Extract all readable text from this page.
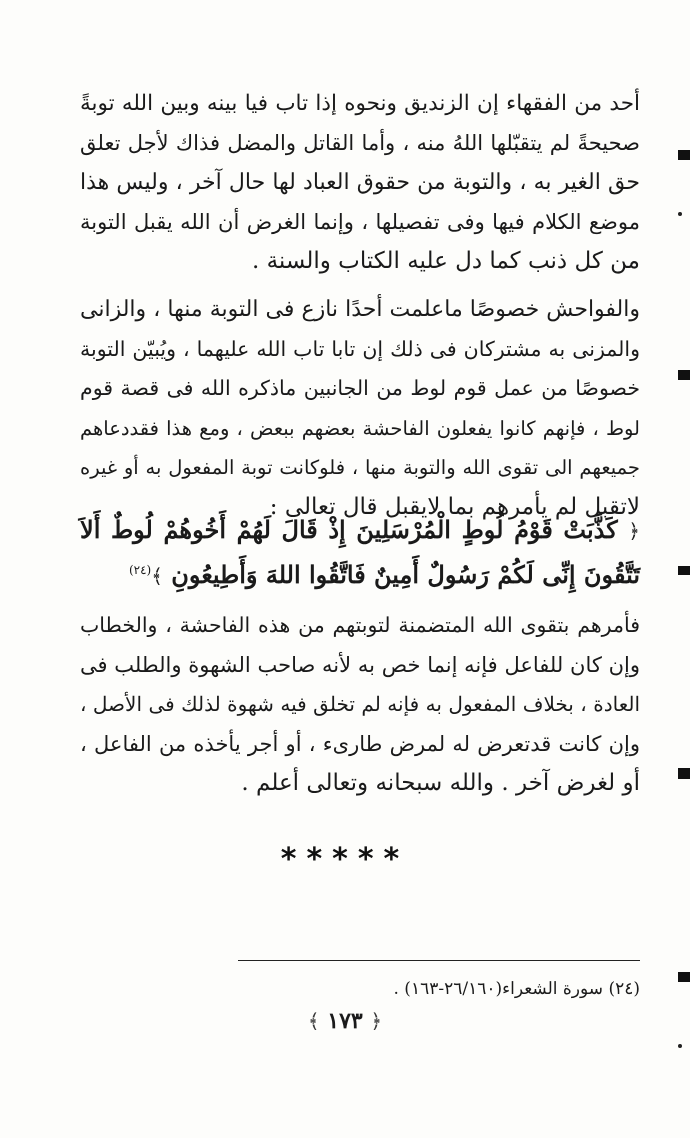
أحد من الفقهاء إن الزنديق ونحوه إذا تاب فيا بينه وبين الله توبةً
صحيحةً لم يتقبّلها اللهُ منه ، وأما القاتل والمضل فذاك لأجل تعلق
حق الغير به ، والتوبة من حقوق العباد لها حال آخر ، وليس هذا
موضع الكلام فيها وفى تفصيلها ، وإنما الغرض أن الله يقبل التوبة
من كل ذنب كما دل عليه الكتاب والسنة .
والفواحش خصوصًا ماعلمت أحدًا نازع فى التوبة منها ، والزانى
والمزنى به مشتركان فى ذلك إن تابا تاب الله عليهما ، ويُبيّن التوبة
خصوصًا من عمل قوم لوط من الجانبين ماذكره الله فى قصة قوم
لوط ، فإنهم كانوا يفعلون الفاحشة بعضهم ببعض ، ومع هذا فقددعاهم
جميعهم الى تقوى الله والتوبة منها ، فلوكانت توبة المفعول به أو غيره
لاتقبل لم يأمرهم بما لايقبل قال تعالى :
﴿ كَذَّبَتْ قَوْمُ لُوطٍ الْمُرْسَلِينَ إِذْ قَالَ لَهُمْ أَخُوهُمْ لُوطٌ أَلاَ
تَتَّقُونَ إِنِّى لَكُمْ رَسُولٌ أَمِينٌ فَاتَّقُوا اللهَ وَأَطِيعُونِ ﴾$^{(٢٤)}$
فأمرهم بتقوى الله المتضمنة لتوبتهم من هذه الفاحشة ، والخطاب
وإن كان للفاعل فإنه إنما خص به لأنه صاحب الشهوة والطلب فى
العادة ، بخلاف المفعول به فإنه لم تخلق فيه شهوة لذلك فى الأصل ،
وإن كانت قدتعرض له لمرض طارىء ، أو أجر يأخذه من الفاعل ،
أو لغرض آخر . والله سبحانه وتعالى أعلم .
*****
(٢٤) سورة الشعراء(٢٦/١٦٠-١٦٣) .
﴿ ١٧٣ ﴾
